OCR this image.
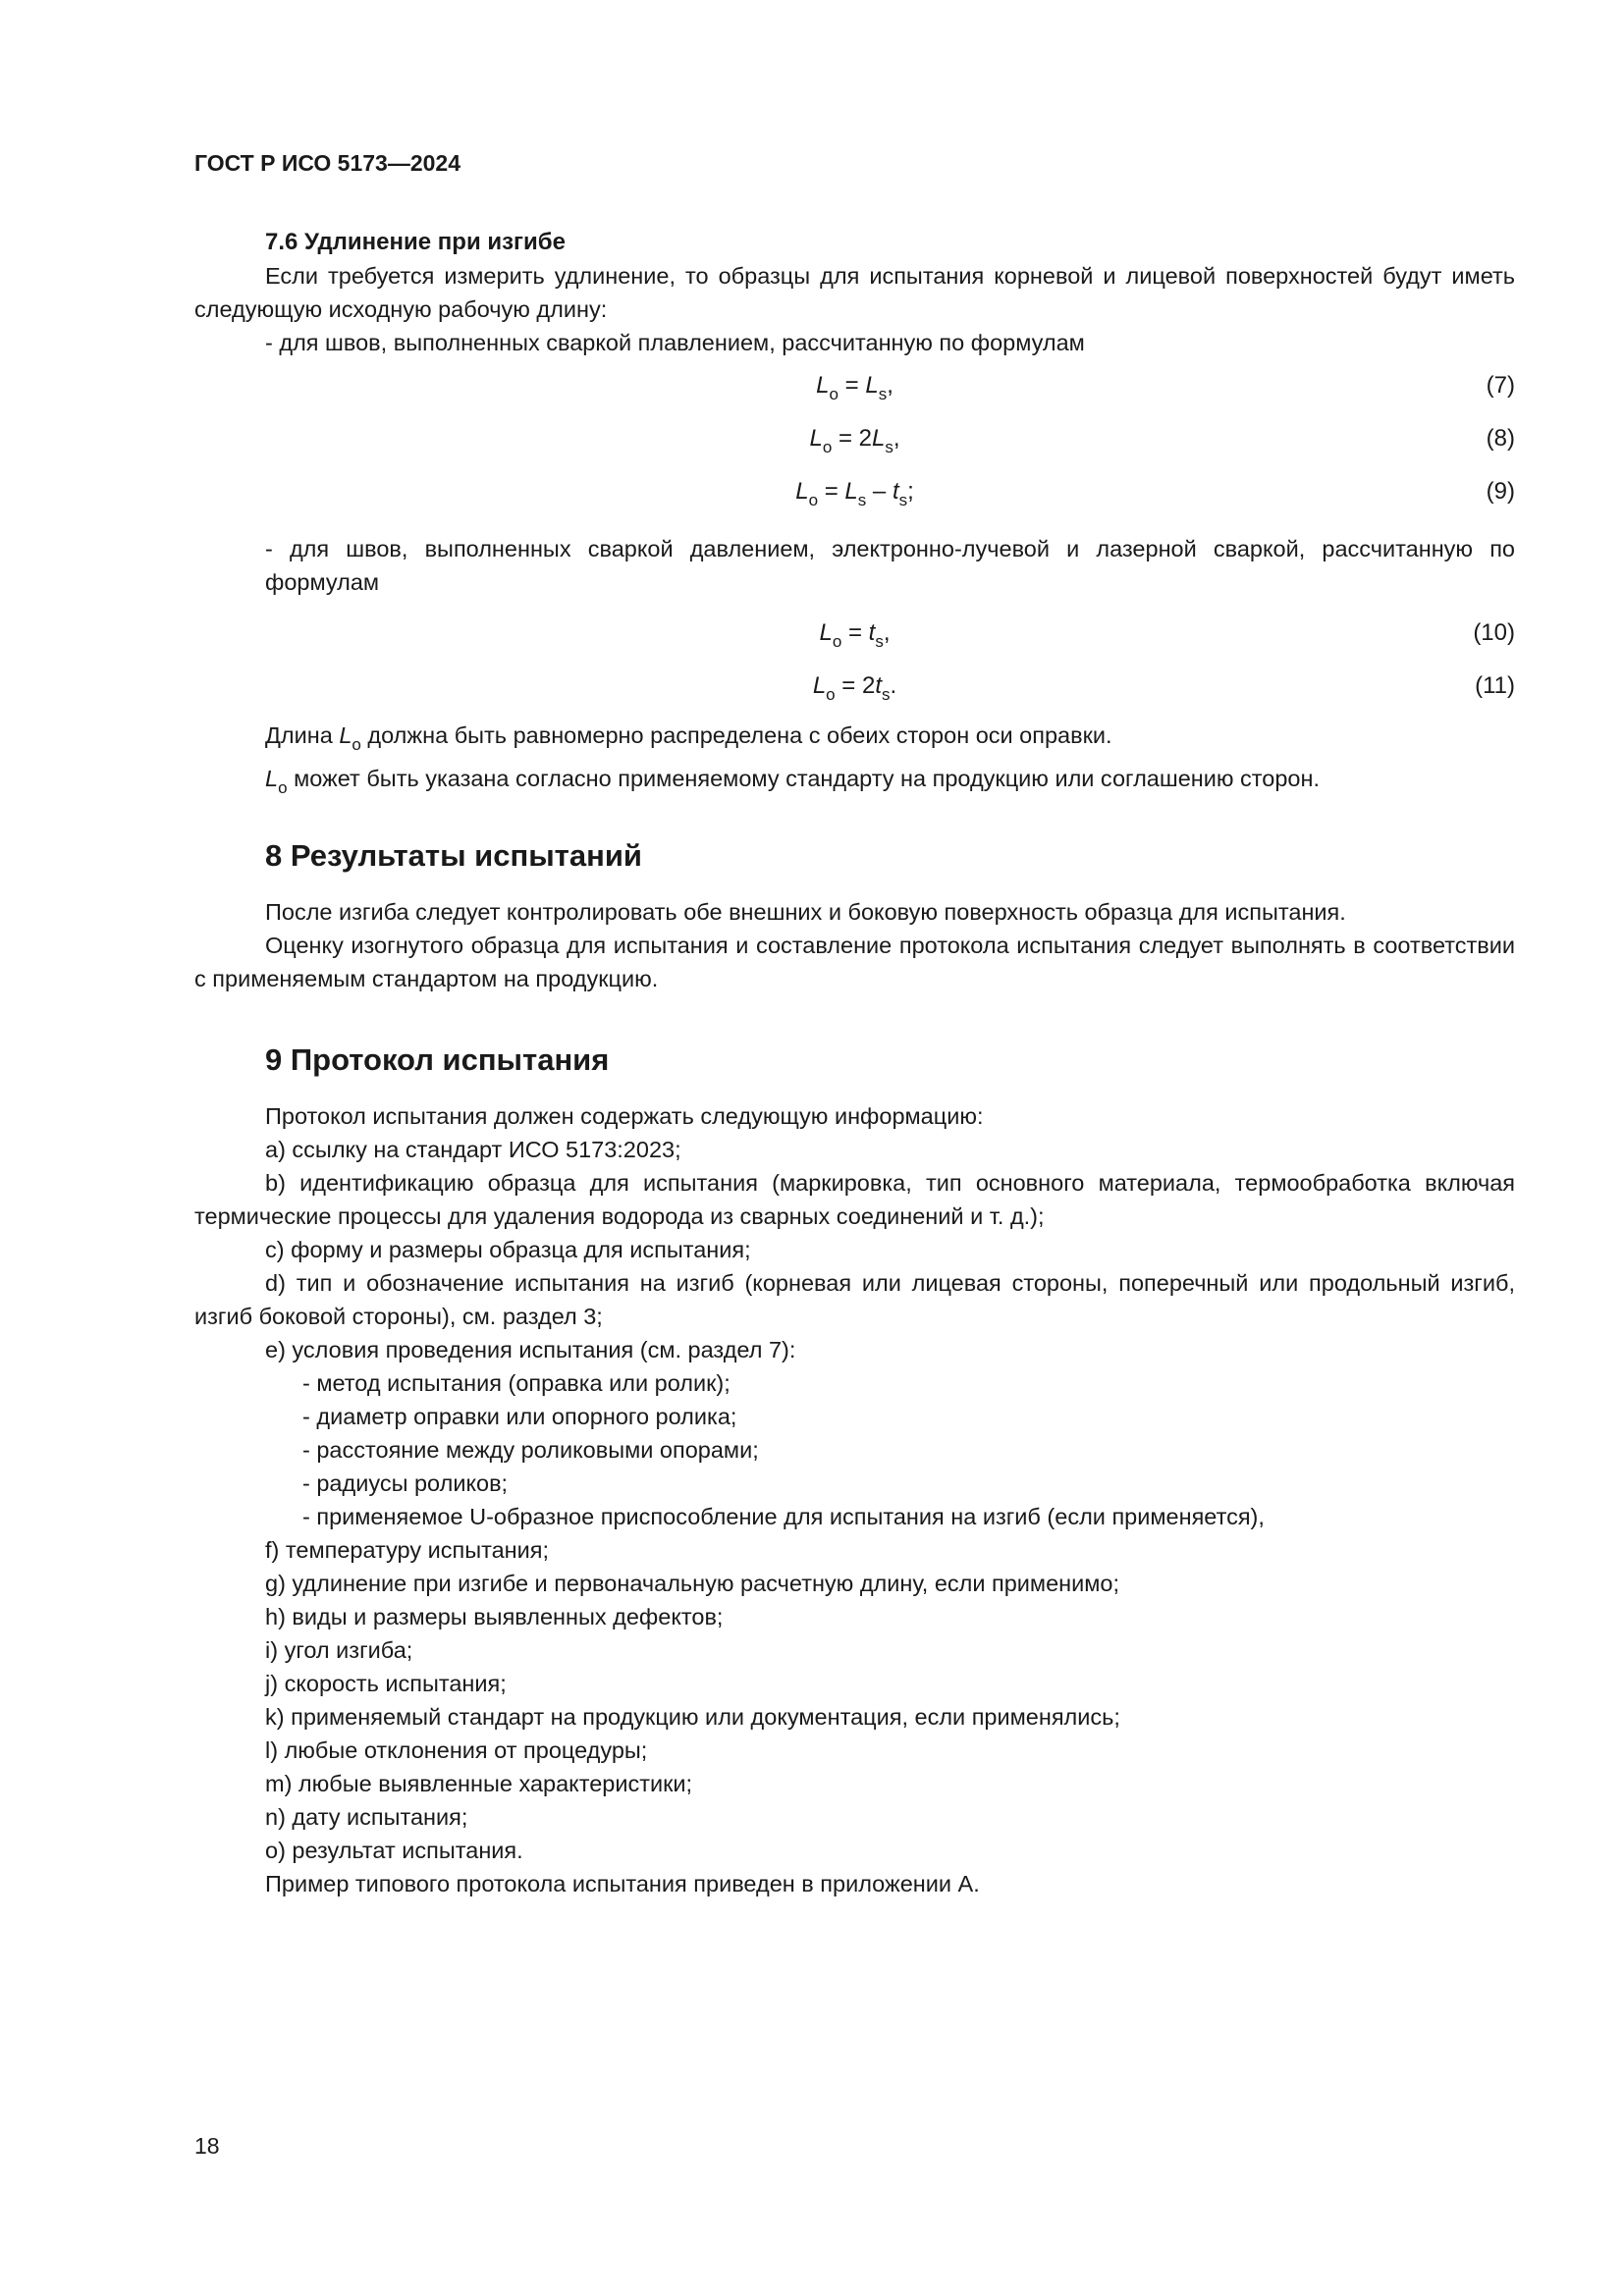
ГОСТ Р ИСО 5173—2024

7.6 Удлинение при изгибе

Если требуется измерить удлинение, то образцы для испытания корневой и лицевой поверхностей будут иметь следующую исходную рабочую длину:

- для швов, выполненных сваркой плавлением, рассчитанную по формулам

$L_o = L_s$,	(7)
$L_o = 2L_s$,	(8)
$L_o = L_s - t_s$;	(9)

- для швов, выполненных сваркой давлением, электронно-лучевой и лазерной сваркой, рассчитанную по формулам

$L_o = t_s$,	(10)
$L_o = 2t_s$.	(11)

Длина $L_o$ должна быть равномерно распределена с обеих сторон оси оправки.

$L_o$ может быть указана согласно применяемому стандарту на продукцию или соглашению сторон.

8 Результаты испытаний

После изгиба следует контролировать обе внешних и боковую поверхность образца для испытания.

Оценку изогнутого образца для испытания и составление протокола испытания следует выполнять в соответствии с применяемым стандартом на продукцию.

9 Протокол испытания

Протокол испытания должен содержать следующую информацию:

a) ссылку на стандарт ИСО 5173:2023;

b) идентификацию образца для испытания (маркировка, тип основного материала, термообработка включая термические процессы для удаления водорода из сварных соединений и т. д.);

c) форму и размеры образца для испытания;

d) тип и обозначение испытания на изгиб (корневая или лицевая стороны, поперечный или продольный изгиб, изгиб боковой стороны), см. раздел 3;

e) условия проведения испытания (см. раздел 7):

- метод испытания (оправка или ролик);

- диаметр оправки или опорного ролика;

- расстояние между роликовыми опорами;

- радиусы роликов;

- применяемое U-образное приспособление для испытания на изгиб (если применяется),

f) температуру испытания;

g) удлинение при изгибе и первоначальную расчетную длину, если применимо;

h) виды и размеры выявленных дефектов;

i) угол изгиба;

j) скорость испытания;

k) применяемый стандарт на продукцию или документация, если применялись;

l) любые отклонения от процедуры;

m) любые выявленные характеристики;

n) дату испытания;

o) результат испытания.

Пример типового протокола испытания приведен в приложении А.

18
